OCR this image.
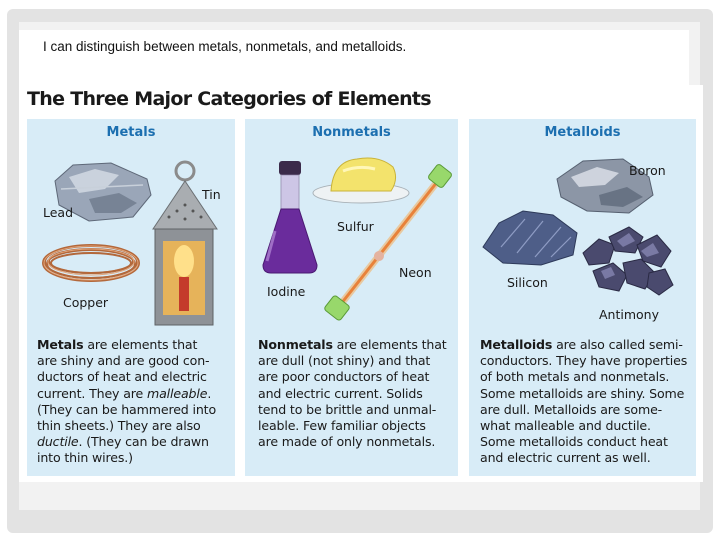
I can distinguish between metals, nonmetals, and metalloids.
The Three Major Categories of Elements
Metals
Lead
Tin
Copper
Metals are elements that
are shiny and are good con-
ductors of heat and electric
current. They are malleable.
(They can be hammered into
thin sheets.) They are also
ductile. (They can be drawn
into thin wires.)
Nonmetals
Iodine
Sulfur
Neon
Nonmetals are elements that
are dull (not shiny) and that
are poor conductors of heat
and electric current. Solids
tend to be brittle and unmal-
leable. Few familiar objects
are made of only nonmetals.
Metalloids
Boron
Silicon
Antimony
Metalloids are also called semi-
conductors. They have properties
of both metals and nonmetals.
Some metalloids are shiny. Some
are dull. Metalloids are some-
what malleable and ductile.
Some metalloids conduct heat
and electric current as well.
